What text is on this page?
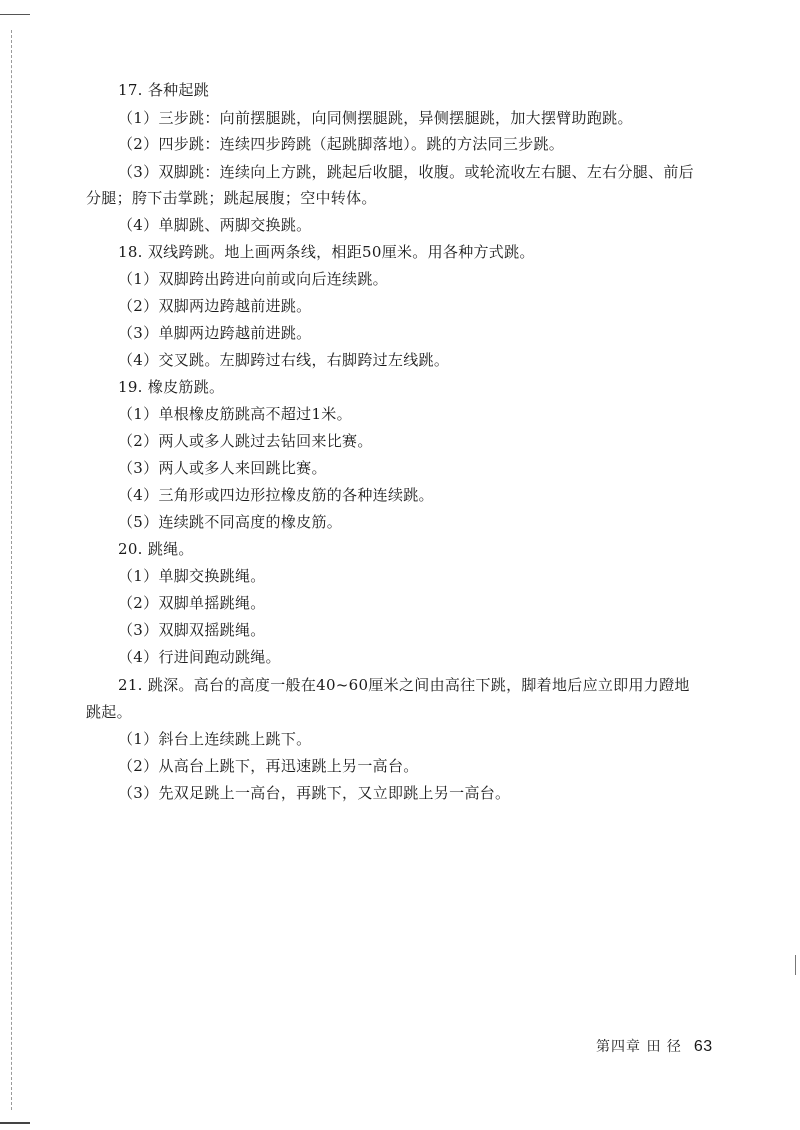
17. 各种起跳
（1）三步跳：向前摆腿跳，向同侧摆腿跳，异侧摆腿跳，加大摆臂助跑跳。
（2）四步跳：连续四步跨跳（起跳脚落地）。跳的方法同三步跳。
（3）双脚跳：连续向上方跳，跳起后收腿，收腹。或轮流收左右腿、左右分腿、前后
分腿；胯下击掌跳；跳起展腹；空中转体。
（4）单脚跳、两脚交换跳。
18. 双线跨跳。地上画两条线，相距50厘米。用各种方式跳。
（1）双脚跨出跨进向前或向后连续跳。
（2）双脚两边跨越前进跳。
（3）单脚两边跨越前进跳。
（4）交叉跳。左脚跨过右线，右脚跨过左线跳。
19. 橡皮筋跳。
（1）单根橡皮筋跳高不超过1米。
（2）两人或多人跳过去钻回来比赛。
（3）两人或多人来回跳比赛。
（4）三角形或四边形拉橡皮筋的各种连续跳。
（5）连续跳不同高度的橡皮筋。
20. 跳绳。
（1）单脚交换跳绳。
（2）双脚单摇跳绳。
（3）双脚双摇跳绳。
（4）行进间跑动跳绳。
21. 跳深。高台的高度一般在40~60厘米之间由高往下跳，脚着地后应立即用力蹬地
跳起。
（1）斜台上连续跳上跳下。
（2）从高台上跳下，再迅速跳上另一高台。
（3）先双足跳上一高台，再跳下，又立即跳上另一高台。
第四章 田 径 63
